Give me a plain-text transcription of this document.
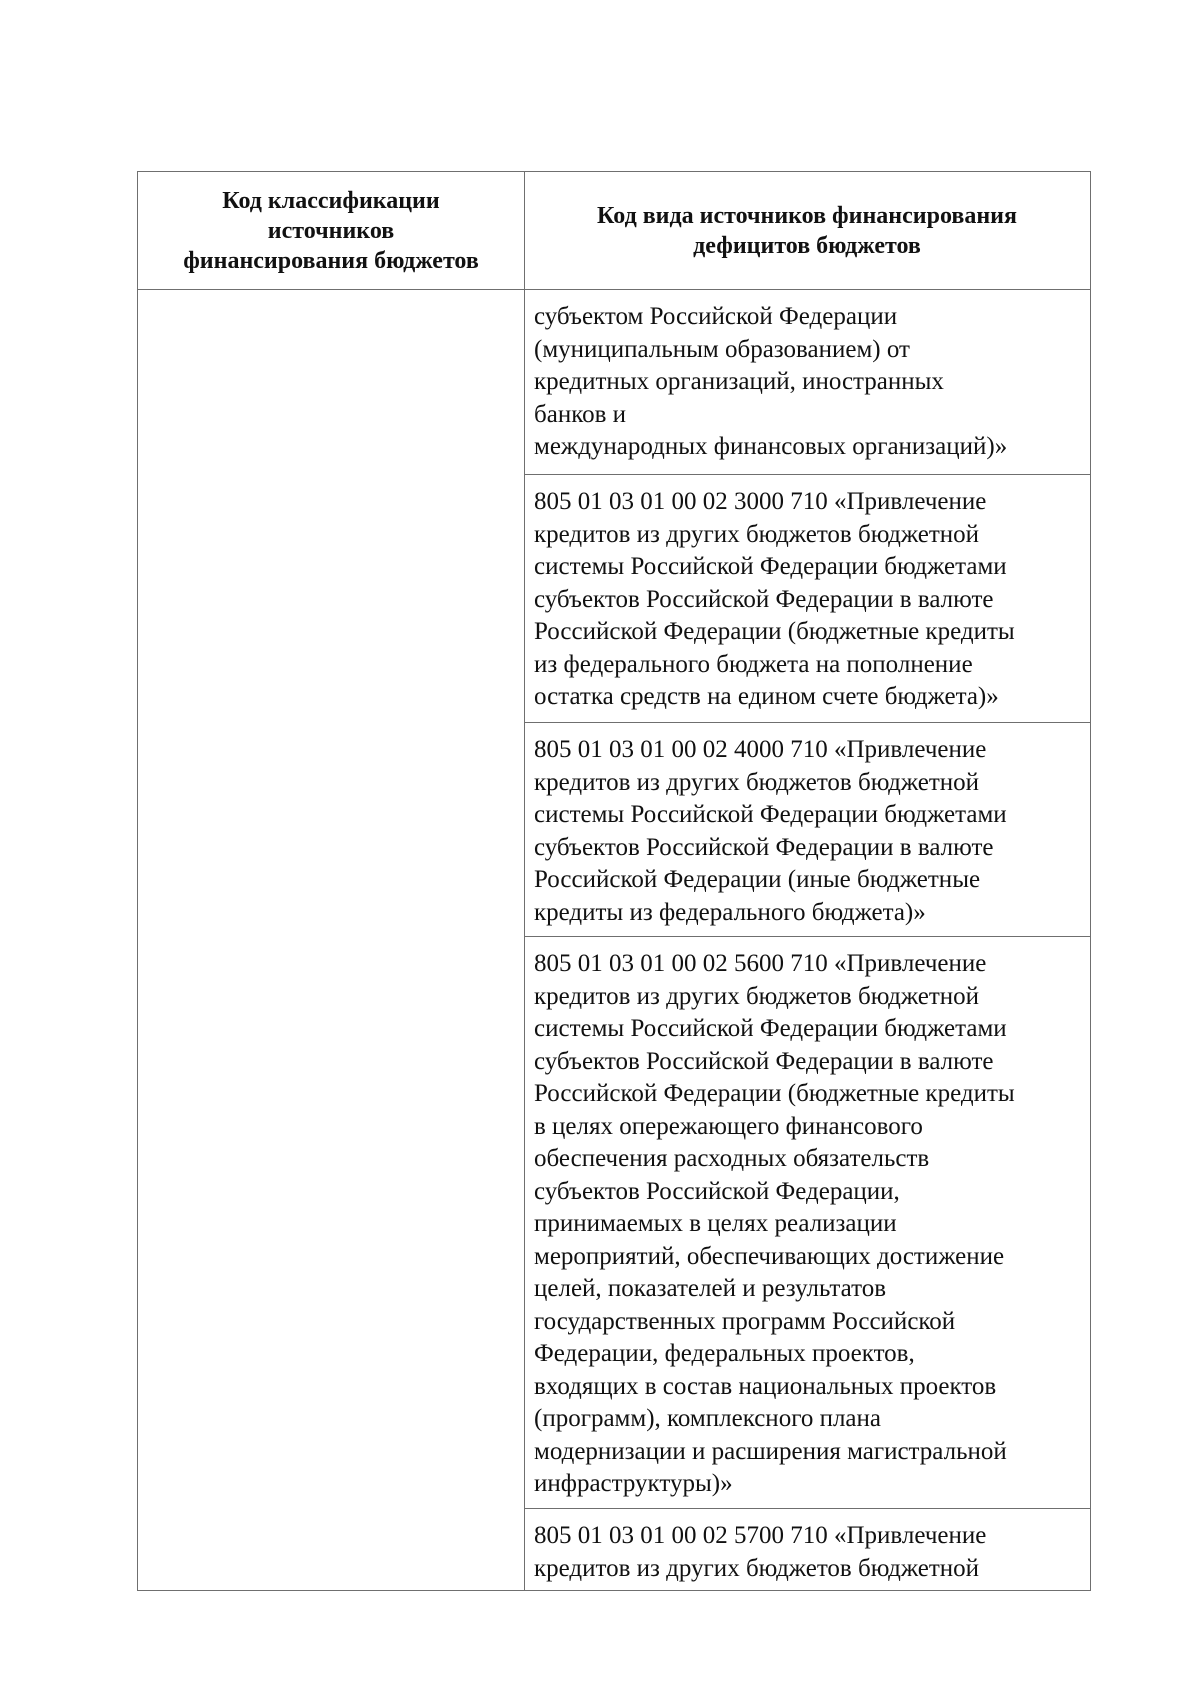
Код классификации
источников
финансирования бюджетов
Код вида источников финансирования
дефицитов бюджетов
субъектом Российской Федерации
(муниципальным образованием) от
кредитных организаций, иностранных
банков и
международных финансовых организаций)»
805 01 03 01 00 02 3000 710 «Привлечение
кредитов из других бюджетов бюджетной
системы Российской Федерации бюджетами
субъектов Российской Федерации в валюте
Российской Федерации (бюджетные кредиты
из федерального бюджета на пополнение
остатка средств на едином счете бюджета)»
805 01 03 01 00 02 4000 710 «Привлечение
кредитов из других бюджетов бюджетной
системы Российской Федерации бюджетами
субъектов Российской Федерации в валюте
Российской Федерации (иные бюджетные
кредиты из федерального бюджета)»
805 01 03 01 00 02 5600 710 «Привлечение
кредитов из других бюджетов бюджетной
системы Российской Федерации бюджетами
субъектов Российской Федерации в валюте
Российской Федерации (бюджетные кредиты
в целях опережающего финансового
обеспечения расходных обязательств
субъектов Российской Федерации,
принимаемых в целях реализации
мероприятий, обеспечивающих достижение
целей, показателей и результатов
государственных программ Российской
Федерации, федеральных проектов,
входящих в состав национальных проектов
(программ), комплексного плана
модернизации и расширения магистральной
инфраструктуры)»
805 01 03 01 00 02 5700 710 «Привлечение
кредитов из других бюджетов бюджетной
